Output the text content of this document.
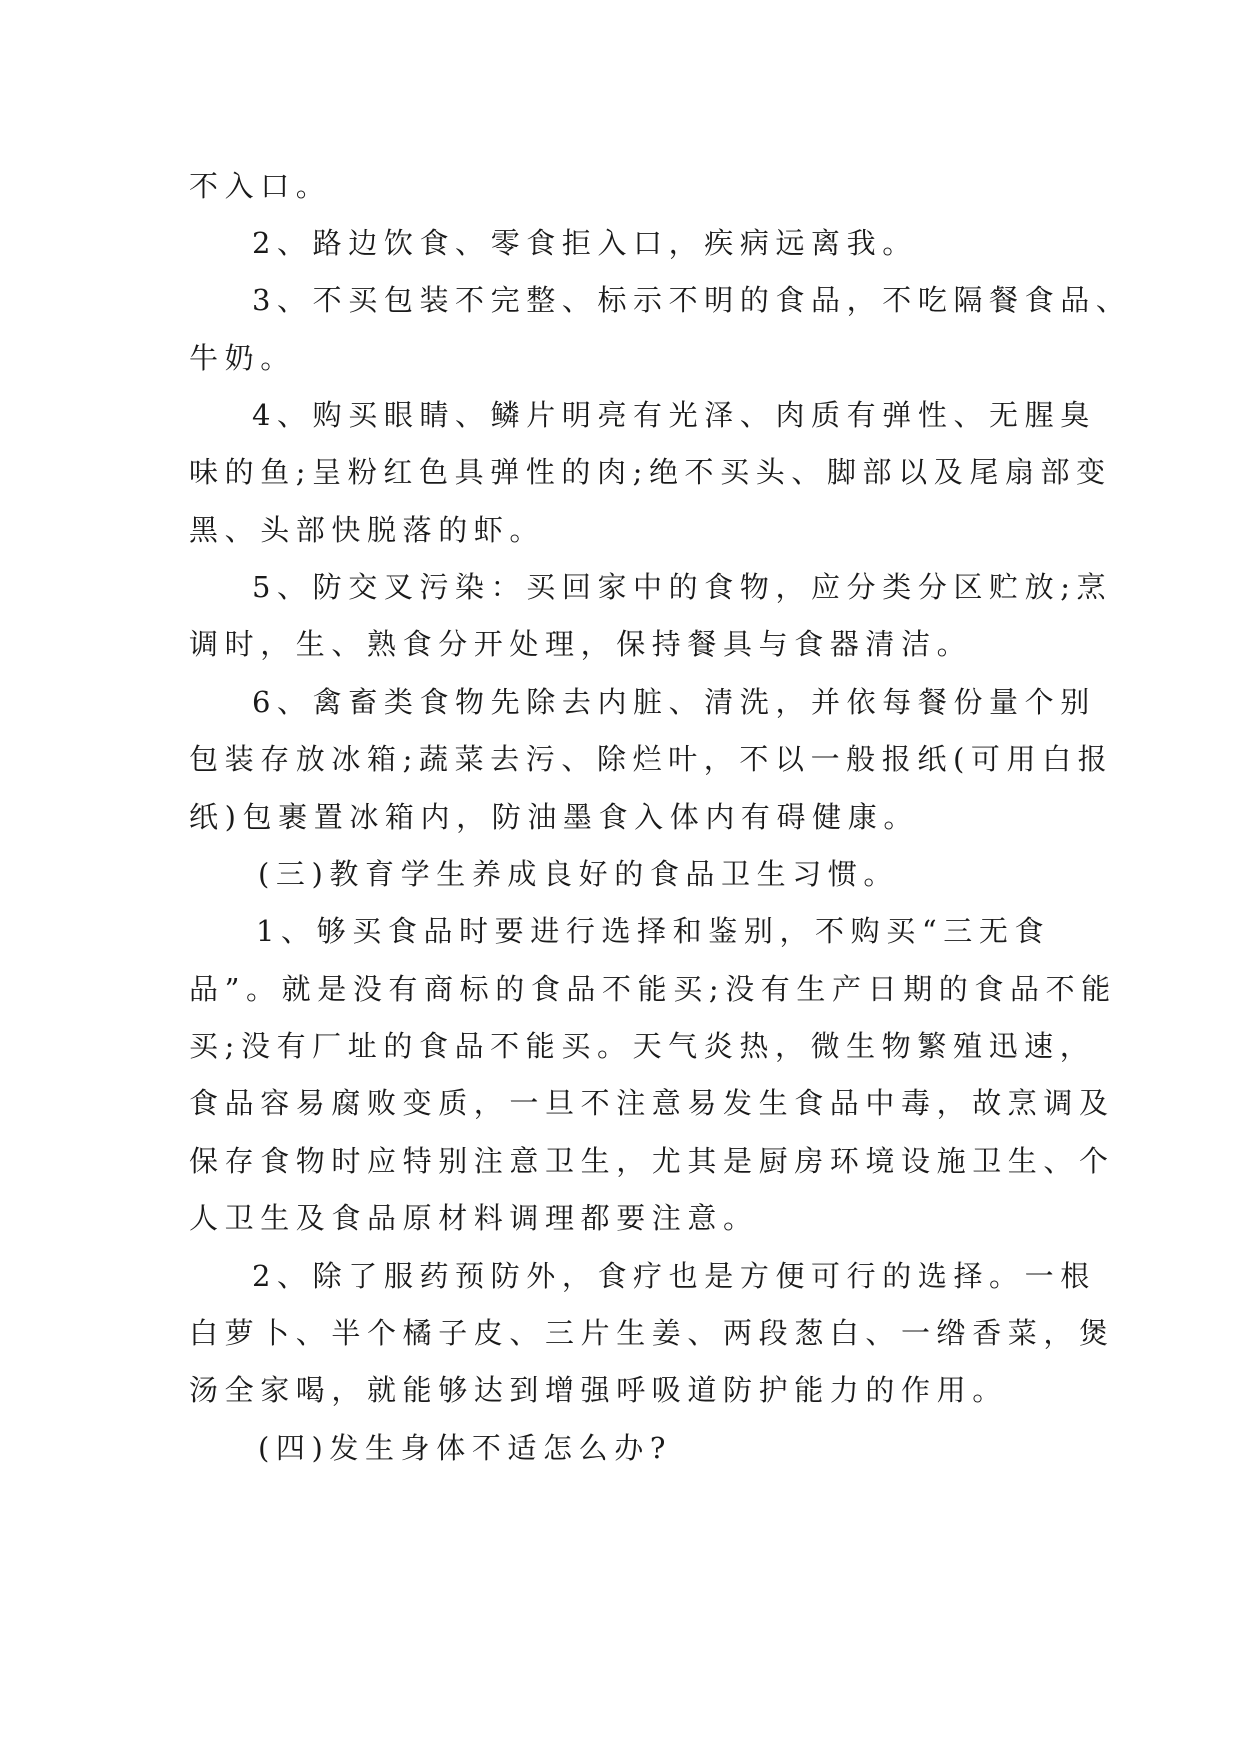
不入口。

2、路边饮食、零食拒入口，疾病远离我。

3、不买包装不完整、标示不明的食品，不吃隔餐食品、

牛奶。

4、购买眼睛、鳞片明亮有光泽、肉质有弹性、无腥臭

味的鱼;呈粉红色具弹性的肉;绝不买头、脚部以及尾扇部变

黑、头部快脱落的虾。

5、防交叉污染：买回家中的食物，应分类分区贮放;烹

调时，生、熟食分开处理，保持餐具与食器清洁。

6、禽畜类食物先除去内脏、清洗，并依每餐份量个别

包装存放冰箱;蔬菜去污、除烂叶，不以一般报纸(可用白报

纸)包裹置冰箱内，防油墨食入体内有碍健康。

(三)教育学生养成良好的食品卫生习惯。

1、够买食品时要进行选择和鉴别，不购买“三无食

品”。就是没有商标的食品不能买;没有生产日期的食品不能

买;没有厂址的食品不能买。天气炎热，微生物繁殖迅速，

食品容易腐败变质，一旦不注意易发生食品中毒，故烹调及

保存食物时应特别注意卫生，尤其是厨房环境设施卫生、个

人卫生及食品原材料调理都要注意。

2、除了服药预防外，食疗也是方便可行的选择。一根

白萝卜、半个橘子皮、三片生姜、两段葱白、一绺香菜，煲

汤全家喝，就能够达到增强呼吸道防护能力的作用。

(四)发生身体不适怎么办?
